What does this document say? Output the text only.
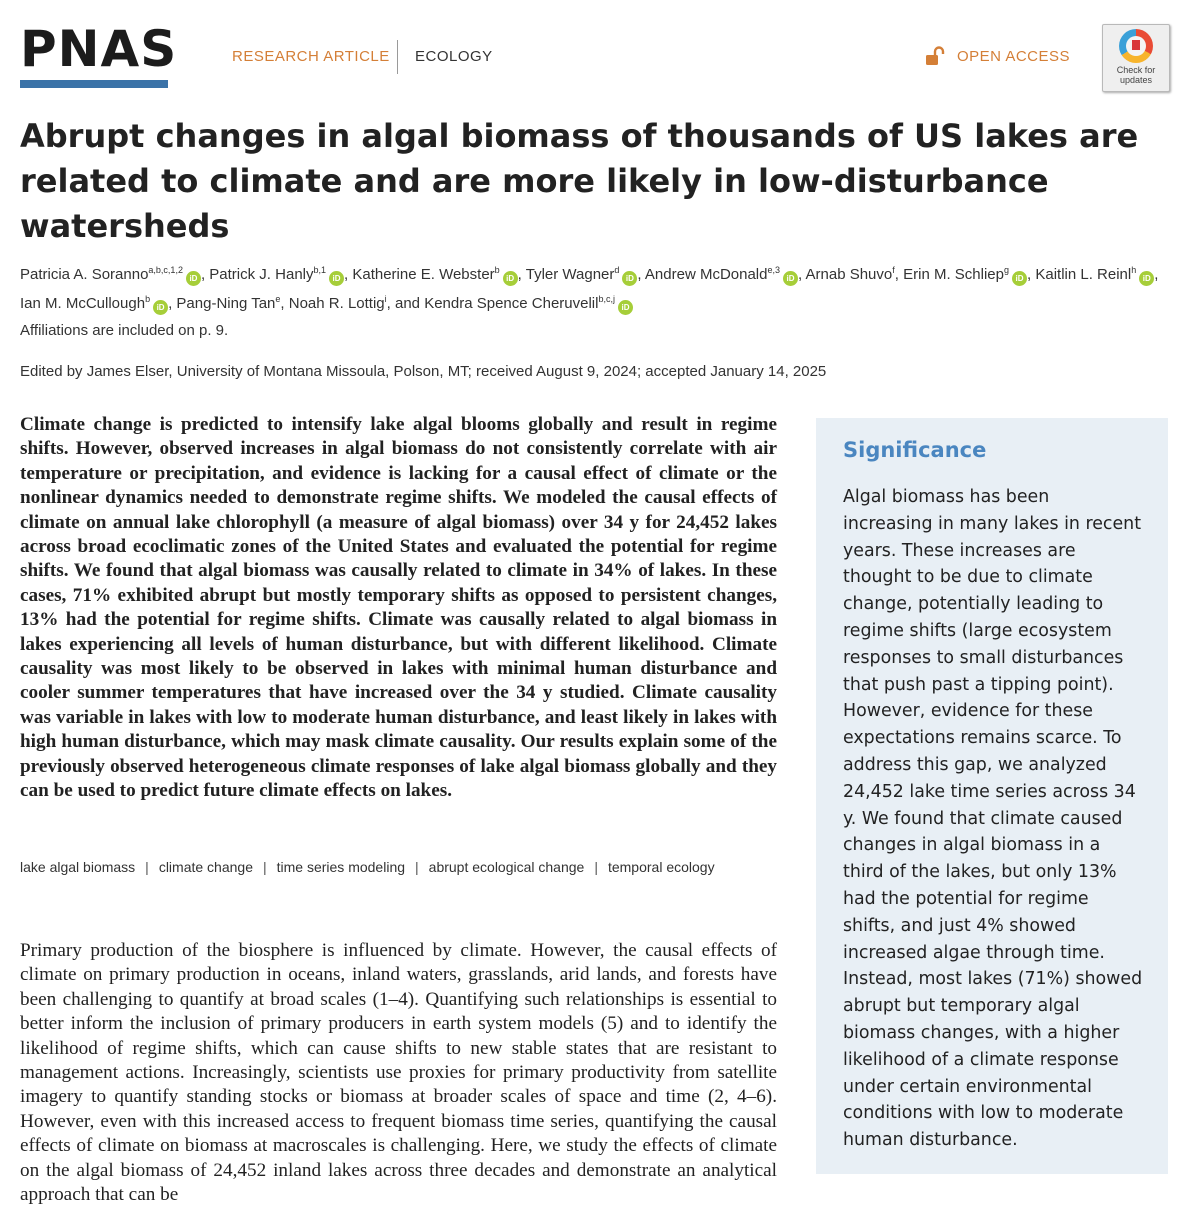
PNAS	RESEARCH ARTICLE ECOLOGY	OPEN ACCESS
Check for updates
Abrupt changes in algal biomass of thousands of US lakes are related to climate and are more likely in low-disturbance watersheds
Patricia A. Soranno$^{a,b,c,1,2}$iD , Patrick J. Hanly$^{b,1}$iD , Katherine E. Webster$^b$iD , Tyler Wagner$^d$iD , Andrew McDonald$^{e,3}$iD , Arnab Shuvo$^f$, Erin M. Schliep$^g$iD , Kaitlin L. Reinl$^h$iD , Ian M. McCullough$^b$iD , Pang-Ning Tan$^e$, Noah R. Lottig$^i$, and Kendra Spence Cheruvelil$^{b,c,j}$iD
Affiliations are included on p. 9.
Edited by James Elser, University of Montana Missoula, Polson, MT; received August 9, 2024; accepted January 14, 2025

Climate change is predicted to intensify lake algal blooms globally and result in regime shifts. However, observed increases in algal biomass do not consistently correlate with air temperature or precipitation, and evidence is lacking for a causal effect of climate or the nonlinear dynamics needed to demonstrate regime shifts. We modeled the causal effects of climate on annual lake chlorophyll (a measure of algal biomass) over 34 y for 24,452 lakes across broad ecoclimatic zones of the United States and evaluated the potential for regime shifts. We found that algal biomass was causally related to climate in 34% of lakes. In these cases, 71% exhibited abrupt but mostly temporary shifts as opposed to persistent changes, 13% had the potential for regime shifts. Climate was causally related to algal biomass in lakes experiencing all levels of human disturbance, but with different likelihood. Climate causality was most likely to be observed in lakes with minimal human disturbance and cooler summer temperatures that have increased over the 34 y studied. Climate causality was variable in lakes with low to moderate human disturbance, and least likely in lakes with high human disturbance, which may mask climate causality. Our results explain some of the previously observed heterogeneous climate responses of lake algal biomass globally and they can be used to predict future climate effects on lakes.

lake algal biomass | climate change | time series modeling | abrupt ecological change | temporal ecology

Primary production of the biosphere is influenced by climate. However, the causal effects of climate on primary production in oceans, inland waters, grasslands, arid lands, and forests have been challenging to quantify at broad scales (1–4). Quantifying such relationships is essential to better inform the inclusion of primary producers in earth system models (5) and to identify the likelihood of regime shifts, which can cause shifts to new stable states that are resistant to management actions. Increasingly, scientists use proxies for primary productivity from satellite imagery to quantify standing stocks or biomass at broader scales of space and time (2, 4–6). However, even with this increased access to frequent biomass time series, quantifying the causal effects of climate on biomass at macroscales is challenging. Here, we study the effects of climate on the algal biomass of 24,452 inland lakes across three decades and demonstrate an analytical approach that can be

Significance

Algal biomass has been increasing in many lakes in recent years. These increases are thought to be due to climate change, potentially leading to regime shifts (large ecosystem responses to small disturbances that push past a tipping point). However, evidence for these expectations remains scarce. To address this gap, we analyzed 24,452 lake time series across 34 y. We found that climate caused changes in algal biomass in a third of the lakes, but only 13% had the potential for regime shifts, and just 4% showed increased algae through time. Instead, most lakes (71%) showed abrupt but temporary algal biomass changes, with a higher likelihood of a climate response under certain environmental conditions with low to moderate human disturbance.
